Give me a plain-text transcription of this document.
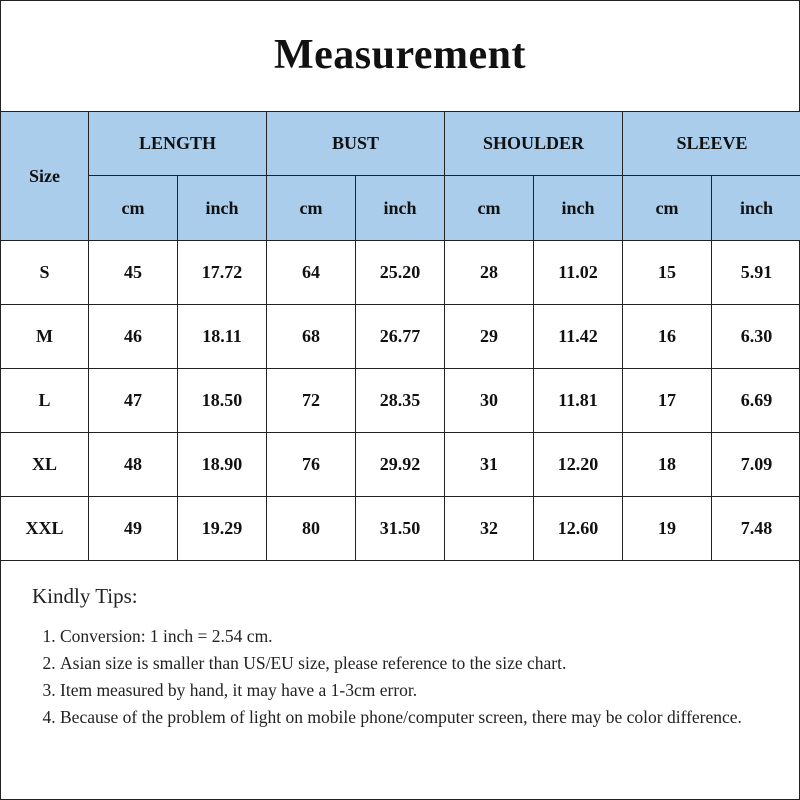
Measurement
Size	LENGTH		BUST		SHOULDER		SLEEVE	
	cm	inch	cm	inch	cm	inch	cm	inch
S	45	17.72	64	25.20	28	11.02	15	5.91
M	46	18.11	68	26.77	29	11.42	16	6.30
L	47	18.50	72	28.35	30	11.81	17	6.69
XL	48	18.90	76	29.92	31	12.20	18	7.09
XXL	49	19.29	80	31.50	32	12.60	19	7.48
Kindly Tips:
1. Conversion: 1 inch = 2.54 cm.
2. Asian size is smaller than US/EU size, please reference to the size chart.
3. Item measured by hand, it may have a 1-3cm error.
4. Because of the problem of light on mobile phone/computer screen, there may be color difference.
